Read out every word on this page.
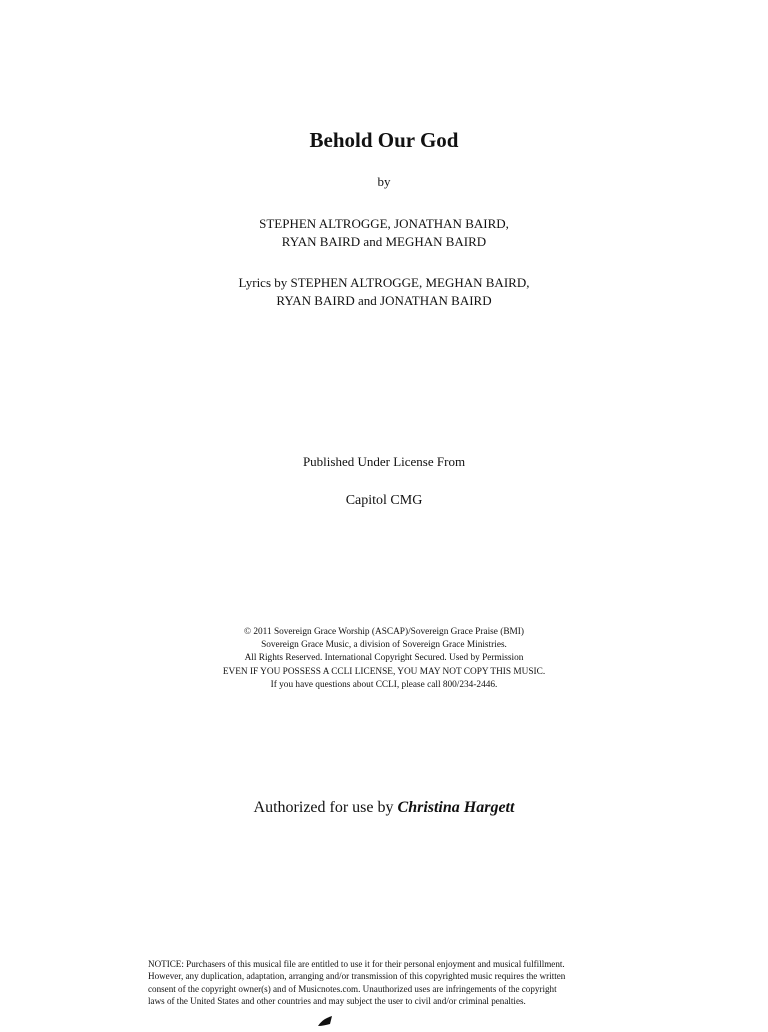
Behold Our God
by
STEPHEN ALTROGGE, JONATHAN BAIRD,
RYAN BAIRD and MEGHAN BAIRD
Lyrics by STEPHEN ALTROGGE, MEGHAN BAIRD,
RYAN BAIRD and JONATHAN BAIRD
Published Under License From
Capitol CMG
© 2011 Sovereign Grace Worship (ASCAP)/Sovereign Grace Praise (BMI)
Sovereign Grace Music, a division of Sovereign Grace Ministries.
All Rights Reserved. International Copyright Secured. Used by Permission
EVEN IF YOU POSSESS A CCLI LICENSE, YOU MAY NOT COPY THIS MUSIC.
If you have questions about CCLI, please call 800/234-2446.
Authorized for use by Christina Hargett
NOTICE: Purchasers of this musical file are entitled to use it for their personal enjoyment and musical fulfillment.
However, any duplication, adaptation, arranging and/or transmission of this copyrighted music requires the written
consent of the copyright owner(s) and of Musicnotes.com. Unauthorized uses are infringements of the copyright
laws of the United States and other countries and may subject the user to civil and/or criminal penalties.
